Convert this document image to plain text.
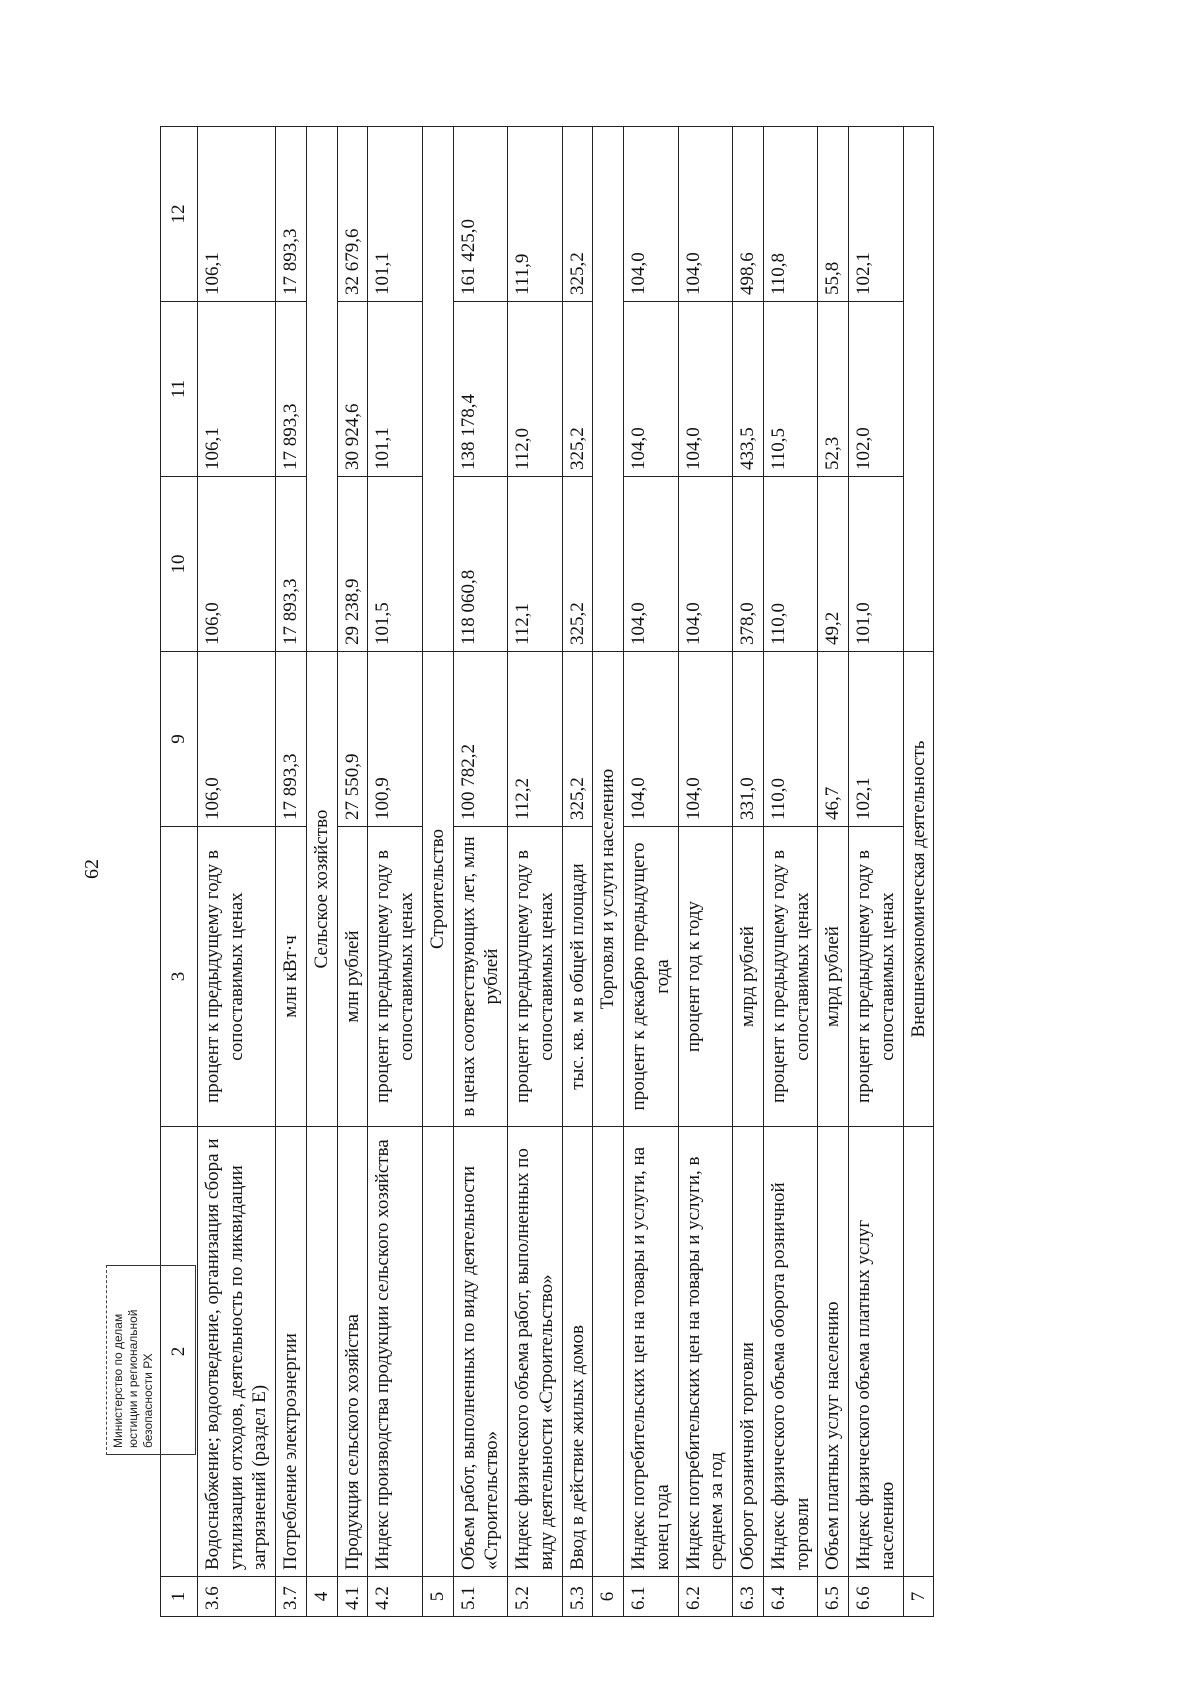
62
1	2	3	9	10	11	12
3.6	Водоснабжение; водоотведение, организация сбора и утилизации отходов, деятельность по ликвидации загрязнений (раздел E)	процент к предыдущему году в сопоставимых ценах	106,0	106,0	106,1	106,1
3.7	Потребление электроэнергии	млн кВт·ч	17 893,3	17 893,3	17 893,3	17 893,3
4		Сельское хозяйство				
4.1	Продукция сельского хозяйства	млн рублей	27 550,9	29 238,9	30 924,6	32 679,6
4.2	Индекс производства продукции сельского хозяйства	процент к предыдущему году в сопоставимых ценах	100,9	101,5	101,1	101,1
5		Строительство				
5.1	Объем работ, выполненных по виду деятельности «Строительство»	в ценах соответствующих лет, млн рублей	100 782,2	118 060,8	138 178,4	161 425,0
5.2	Индекс физического объема работ, выполненных по виду деятельности «Строительство»	процент к предыдущему году в сопоставимых ценах	112,2	112,1	112,0	111,9
5.3	Ввод в действие жилых домов	тыс. кв. м в общей площади	325,2	325,2	325,2	325,2
6		Торговля и услуги населению				
6.1	Индекс потребительских цен на товары и услуги, на конец года	процент к декабрю предыдущего года	104,0	104,0	104,0	104,0
6.2	Индекс потребительских цен на товары и услуги, в среднем за год	процент год к году	104,0	104,0	104,0	104,0
6.3	Оборот розничной торговли	млрд рублей	331,0	378,0	433,5	498,6
6.4	Индекс физического объема оборота розничной торговли	процент к предыдущему году в сопоставимых ценах	110,0	110,0	110,5	110,8
6.5	Объем платных услуг населению	млрд рублей	46,7	49,2	52,3	55,8
6.6	Индекс физического объема платных услуг населению	процент к предыдущему году в сопоставимых ценах	102,1	101,0	102,0	102,1
7		Внешнеэкономическая деятельность				
Министерство по делам юстиции и региональной безопасности РХ
